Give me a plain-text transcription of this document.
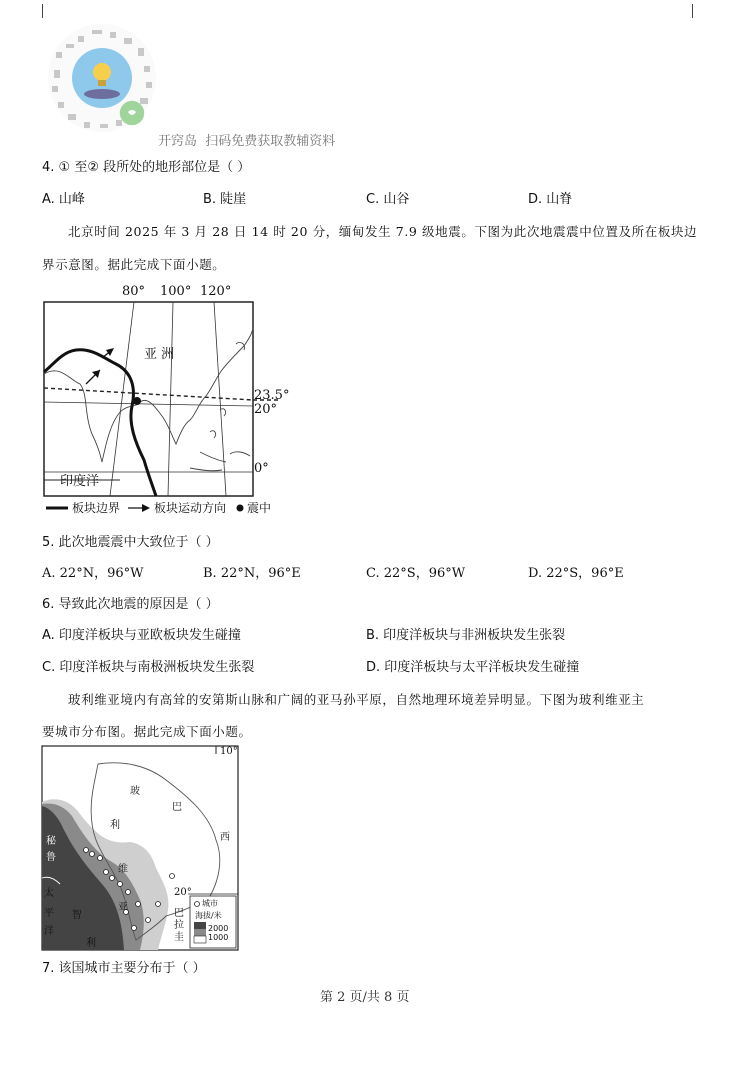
开窍岛 扫码免费获取教辅资料
4. ① 至② 段所处的地形部位是（ ）
A. 山峰	B. 陡崖	C. 山谷	D. 山脊
北京时间 2025 年 3 月 28 日 14 时 20 分，缅甸发生 7.9 级地震。下图为此次地震震中位置及所在板块边
界示意图。据此完成下面小题。
80° 100° 120°
23.5°
20°
0°
亚 洲
印度洋
板块边界	板块运动方向 震中
5. 此次地震震中大致位于（ ）
A. 22°N，96°W	B. 22°N，96°E	C. 22°S，96°W	D. 22°S，96°E
6. 导致此次地震的原因是（ ）
A. 印度洋板块与亚欧板块发生碰撞	B. 印度洋板块与非洲板块发生张裂
C. 印度洋板块与南极洲板块发生张裂	D. 印度洋板块与太平洋板块发生碰撞
玻利维亚境内有高耸的安第斯山脉和广阔的亚马孙平原，自然地理环境差异明显。下图为玻利维亚主
要城市分布图。据此完成下面小题。
10°
20°
巴
西
玻
利
维
亚
秘
鲁
太
平
洋
智
利
巴
拉
圭
城市
海拔/米
2000
1000
7. 该国城市主要分布于（ ）
第 2 页/共 8 页
